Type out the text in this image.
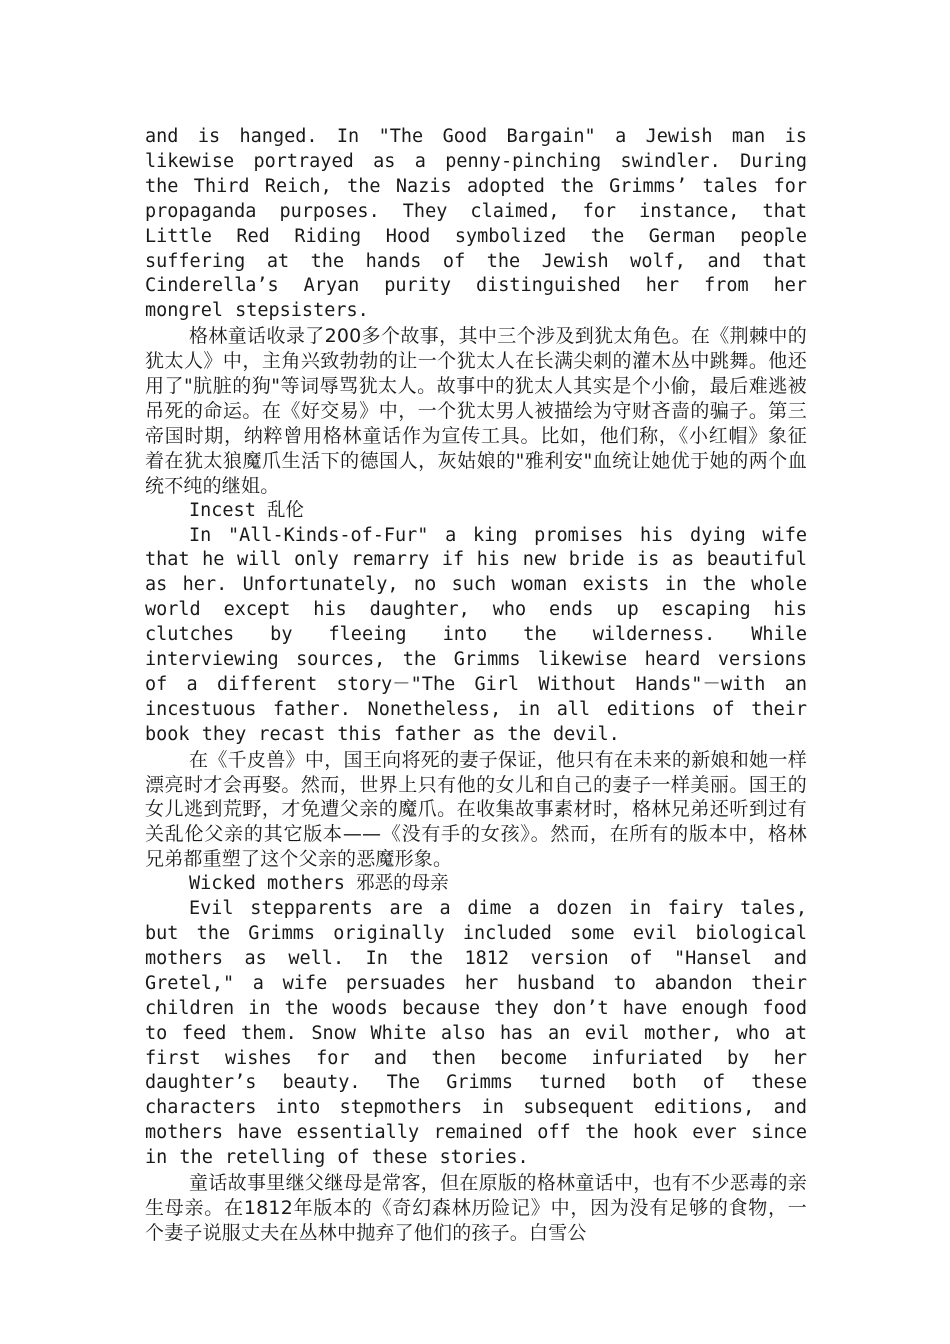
and is hanged. In "The Good Bargain" a Jewish man is likewise portrayed as a penny-pinching swindler. During the Third Reich, the Nazis adopted the Grimms’ tales for propaganda purposes. They claimed, for instance, that Little Red Riding Hood symbolized the German people suffering at the hands of the Jewish wolf, and that Cinderella’s Aryan purity distinguished her from her mongrel stepsisters.

格林童话收录了200多个故事，其中三个涉及到犹太角色。在《荆棘中的犹太人》中，主角兴致勃勃的让一个犹太人在长满尖刺的灌木丛中跳舞。他还用了"肮脏的狗"等词辱骂犹太人。故事中的犹太人其实是个小偷，最后难逃被吊死的命运。在《好交易》中，一个犹太男人被描绘为守财吝啬的骗子。第三帝国时期，纳粹曾用格林童话作为宣传工具。比如，他们称，《小红帽》象征着在犹太狼魔爪生活下的德国人，灰姑娘的"雅利安"血统让她优于她的两个血统不纯的继姐。

Incest 乱伦

In "All-Kinds-of-Fur" a king promises his dying wife that he will only remarry if his new bride is as beautiful as her. Unfortunately, no such woman exists in the whole world except his daughter, who ends up escaping his clutches by fleeing into the wilderness. While interviewing sources, the Grimms likewise heard versions of a different story－"The Girl Without Hands"－with an incestuous father. Nonetheless, in all editions of their book they recast this father as the devil.

在《千皮兽》中，国王向将死的妻子保证，他只有在未来的新娘和她一样漂亮时才会再娶。然而，世界上只有他的女儿和自己的妻子一样美丽。国王的女儿逃到荒野，才免遭父亲的魔爪。在收集故事素材时，格林兄弟还听到过有关乱伦父亲的其它版本——《没有手的女孩》。然而，在所有的版本中，格林兄弟都重塑了这个父亲的恶魔形象。

Wicked mothers 邪恶的母亲

Evil stepparents are a dime a dozen in fairy tales, but the Grimms originally included some evil biological mothers as well. In the 1812 version of "Hansel and Gretel," a wife persuades her husband to abandon their children in the woods because they don’t have enough food to feed them. Snow White also has an evil mother, who at first wishes for and then become infuriated by her daughter’s beauty. The Grimms turned both of these characters into stepmothers in subsequent editions, and mothers have essentially remained off the hook ever since in the retelling of these stories.

童话故事里继父继母是常客，但在原版的格林童话中，也有不少恶毒的亲生母亲。在1812年版本的《奇幻森林历险记》中，因为没有足够的食物，一个妻子说服丈夫在丛林中抛弃了他们的孩子。白雪公
